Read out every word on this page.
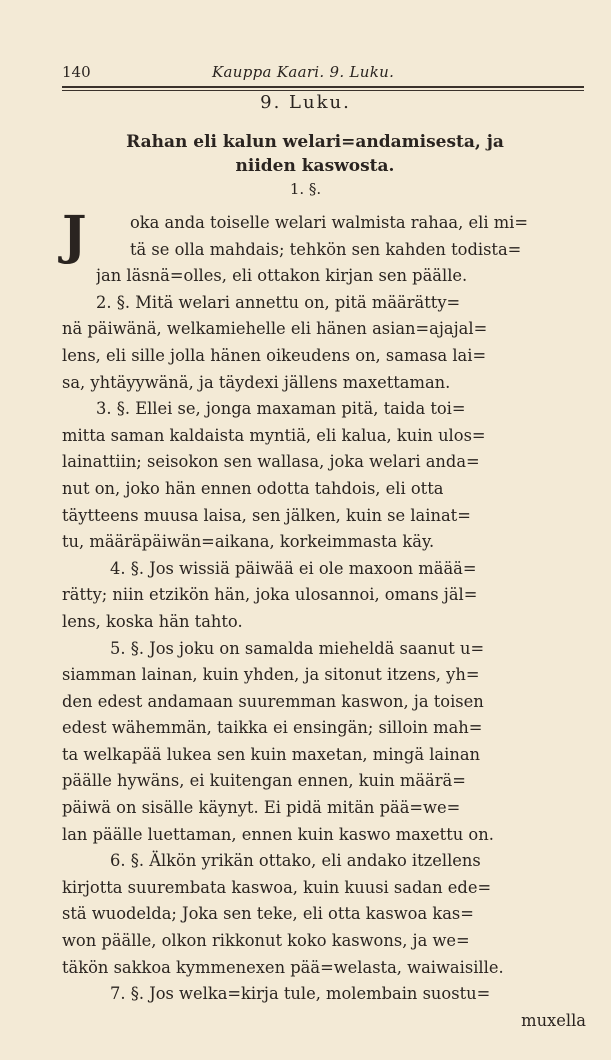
140	Kauppa Kaari. 9. Luku.
9. Luku.
Rahan eli kalun welari=andamisesta, ja
niiden kaswosta.
1. §.
J	oka anda toiselle welari walmista rahaa, eli mi=
tä se olla mahdais; tehkön sen kahden todista=
jan läsnä=olles, eli ottakon kirjan sen päälle.
2. §. Mitä welari annettu on, pitä määrätty=
nä päiwänä, welkamiehelle eli hänen asian=ajajal=
lens, eli sille jolla hänen oikeudens on, samasa lai=
sa, yhtäyywänä, ja täydexi jällens maxettaman.
3. §. Ellei se, jonga maxaman pitä, taida toi=
mitta saman kaldaista myntiä, eli kalua, kuin ulos=
lainattiin; seisokon sen wallasa, joka welari anda=
nut on, joko hän ennen odotta tahdois, eli otta
täytteens muusa laisa, sen jälken, kuin se lainat=
tu, määräpäiwän=aikana, korkeimmasta käy.
4. §. Jos wissiä päiwää ei ole maxoon määä=
rätty; niin etzikön hän, joka ulosannoi, omans jäl=
lens, koska hän tahto.
5. §. Jos joku on samalda mieheldä saanut u=
siamman lainan, kuin yhden, ja sitonut itzens, yh=
den edest andamaan suuremman kaswon, ja toisen
edest wähemmän, taikka ei ensingän; silloin mah=
ta welkapää lukea sen kuin maxetan, mingä lainan
päälle hywäns, ei kuitengan ennen, kuin määrä=
päiwä on sisälle käynyt. Ei pidä mitän pää=we=
lan päälle luettaman, ennen kuin kaswo maxettu on.
6. §. Älkön yrikän ottako, eli andako itzellens
kirjotta suurembata kaswoa, kuin kuusi sadan ede=
stä wuodelda; Joka sen teke, eli otta kaswoa kas=
won päälle, olkon rikkonut koko kaswons, ja we=
täkön sakkoa kymmenexen pää=welasta, waiwaisille.
7. §. Jos welka=kirja tule, molembain suostu=
muxella
